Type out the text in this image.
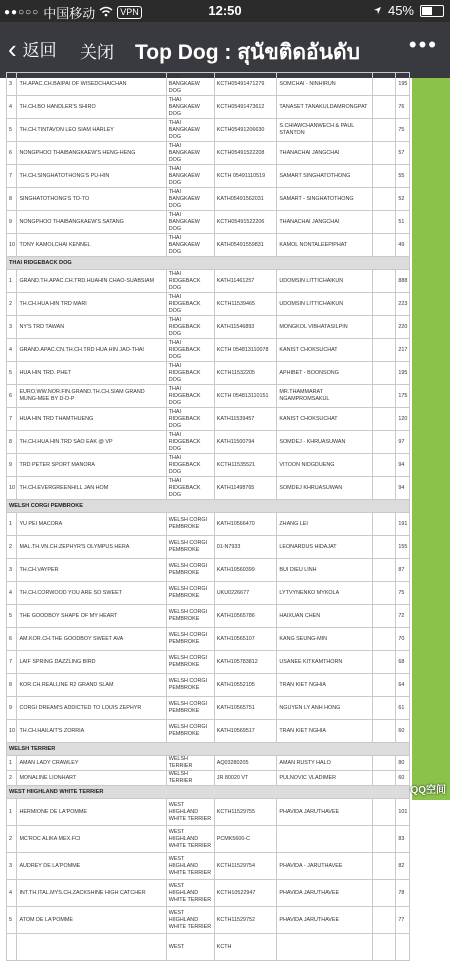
●●○○○ 中国移动	VPN	12:50	45%
‹ 返回 关闭 Top Dog : สุนัขติดอันดับ •••
3	TH.APAC.CH.BAIPAI OF WISEDCHAICHAN	THAI BANGKAEW DOG	KCTH05491471279	SOMCHAI - NINHIRUN		195
4	TH.CH.BO HANDLER'S SHIRO	THAI BANGKAEW DOG	KCTH05491473612	TANASET TANAKULDAMRONGPAT		76
5	TH.CH.TINTAVON LEO SIAM HARLEY	THAI BANGKAEW DOG	KCTH05491206630	S.CHIAWCHANWECH & PAUL STANTON		75
6	NONGPHOO THAIBANGKAEW'S HENG-HENG	THAI BANGKAEW DOG	KCTH05491522208	THANACHAI JANGCHAI		57
7	TH.CH.SINGHATOTHONG'S PU-HIN	THAI BANGKAEW DOG	KCTH 05491110519	SAMART SINGHATOTHONG		55
8	SINGHATOTHONG'S TO-TO	THAI BANGKAEW DOG	KATH05491562031	SAMART - SINGHATOTHONG		52
9	NONGPHOO THAIBANGKAEW'S SATANG	THAI BANGKAEW DOG	KCTH05491522206	THANACHAI JANGCHAI		51
10	TONY KAMOLCHAI KENNEL	THAI BANGKAEW DOG	KATH05491559831	KAMOL NONTALEEPIPHAT		49
THAI RIDGEBACK DOG						
1	GRAND.TH.APAC.CH.TRD.HUAHIN CHAO-SUABSIAM	THAI RIDGEBACK DOG	KATH11461257	UDOMSIN LITTICHAIKUN		888
2	TH.CH.HUA HIN TRD MARI	THAI RIDGEBACK DOG	KCTH11539465	UDOMSIN LITTICHAIKUN		223
3	NY'S TRD TAWAN	THAI RIDGEBACK DOG	KATH11546893	MONGKOL VIBHATASILPIN		220
4	GRAND.APAC.CN.TH.CH.TRD HUA HIN JAO-THAI	THAI RIDGEBACK DOG	KCTH 054813110078	KANIST CHOKSUCHAT		217
5	HUA HIN TRD. PHET	THAI RIDGEBACK DOG	KCTH11532205	APHIBET - BOONSONG		195
6	EURO.WW.NOR.FIN.GRAND.TH.CH.SIAM GRAND MUNG-MEE BY D-D-P	THAI RIDGEBACK DOG	KCTH 054813110151	MR.THAMMARAT NGAMPROMSAKUL		175
7	HUA HIN TRD THAMTHUENG	THAI RIDGEBACK DOG	KATH11539457	KANIST CHOKSUCHAT		120
8	TH.CH.HUA HIN TRD SAO EAK @ VP	THAI RIDGEBACK DOG	KATH11500794	SOMDEJ - KHRUASUWAN		97
9	TRD PETER SPORT MANORA	THAI RIDGEBACK DOG	KCTH11535521	VITOON NIDGDUENG		94
10	TH.CH.EVERGREENHILL JAN HOM	THAI RIDGEBACK DOG	KATH11498765	SOMDEJ KHRUASUWAN		94
WELSH CORGI PEMBROKE						
1	YU PEI MACORA	WELSH CORGI PEMBROKE	KATH10566470	ZHANG LEI		191
2	MAL.TH.VN.CH.ZEPHYR'S OLYMPUS HERA	WELSH CORGI PEMBROKE	01-N7933	LEONARDUS HIDAJAT		155
3	TH.CH.VAYPER	WELSH CORGI PEMBROKE	KATH10560399	BUI DIEU LINH		87
4	TH.CH.CORWOOD YOU ARE SO SWEET	WELSH CORGI PEMBROKE	UKU0226677	LYTVYNENKO MYKOLA		75
5	THE GOODBOY SHAPE OF MY HEART	WELSH CORGI PEMBROKE	KATH10565786	HAIXUAN CHEN		72
6	AM.KOR.CH.THE GOODBOY SWEET AVA	WELSH CORGI PEMBROKE	KATH10565107	KANG SEUNG-MIN		70
7	LAIF SPRING DAZZLING BIRD	WELSH CORGI PEMBROKE	KATH105783812	USANEE KITKAMTHORN		68
8	KOR.CH.REALLINE R2 GRAND SLAM	WELSH CORGI PEMBROKE	KATH10552105	TRAN KIET NGHIA		64
9	CORGI DREAM'S ADDICTED TO LOUIS ZEPHYR	WELSH CORGI PEMBROKE	KATH10565751	NGUYEN LY ANH HONG		61
10	TH.CH.HAILAIT'S ZORRIA	WELSH CORGI PEMBROKE	KATH10569517	TRAN KIET NGHIA		60
WELSH TERRIER						
1	AMAN LADY CRAWLEY	WELSH TERRIER	AQ03280205	AMAN RUSTY HALO		80
2	MONALINE LIONHART	WELSH TERRIER	JR 80020 VT	PULNOVIC VLADIMER		60
WEST HIIGHLAND WHITE TERRIER						
1	HERMIONE DE LA'POMME	WEST HIIGHLAND WHITE TERRIER	KCTH11529755	PHAVIDA JARUTHAVEE		101
2	MC'ROC ALIKA MEX.FCI	WEST HIIGHLAND WHITE TERRIER	PCMK5600-C			83
3	AUDREY DE LA'POMME	WEST HIIGHLAND WHITE TERRIER	KCTH11529754	PHAVIDA - JARUTHAVEE		82
4	INT.TH.ITAL.MYS.CH.ZACKSHINE HIGH CATCHER	WEST HIIGHLAND WHITE TERRIER	KCTH10522947	PHAVIDA JARUTHAVEE		78
5	ATOM DE LA'POMME	WEST HIIGHLAND WHITE TERRIER	KCTH11529752	PHAVIDA JARUTHAVEE		77
		WEST	KCTH			
QQ空间
